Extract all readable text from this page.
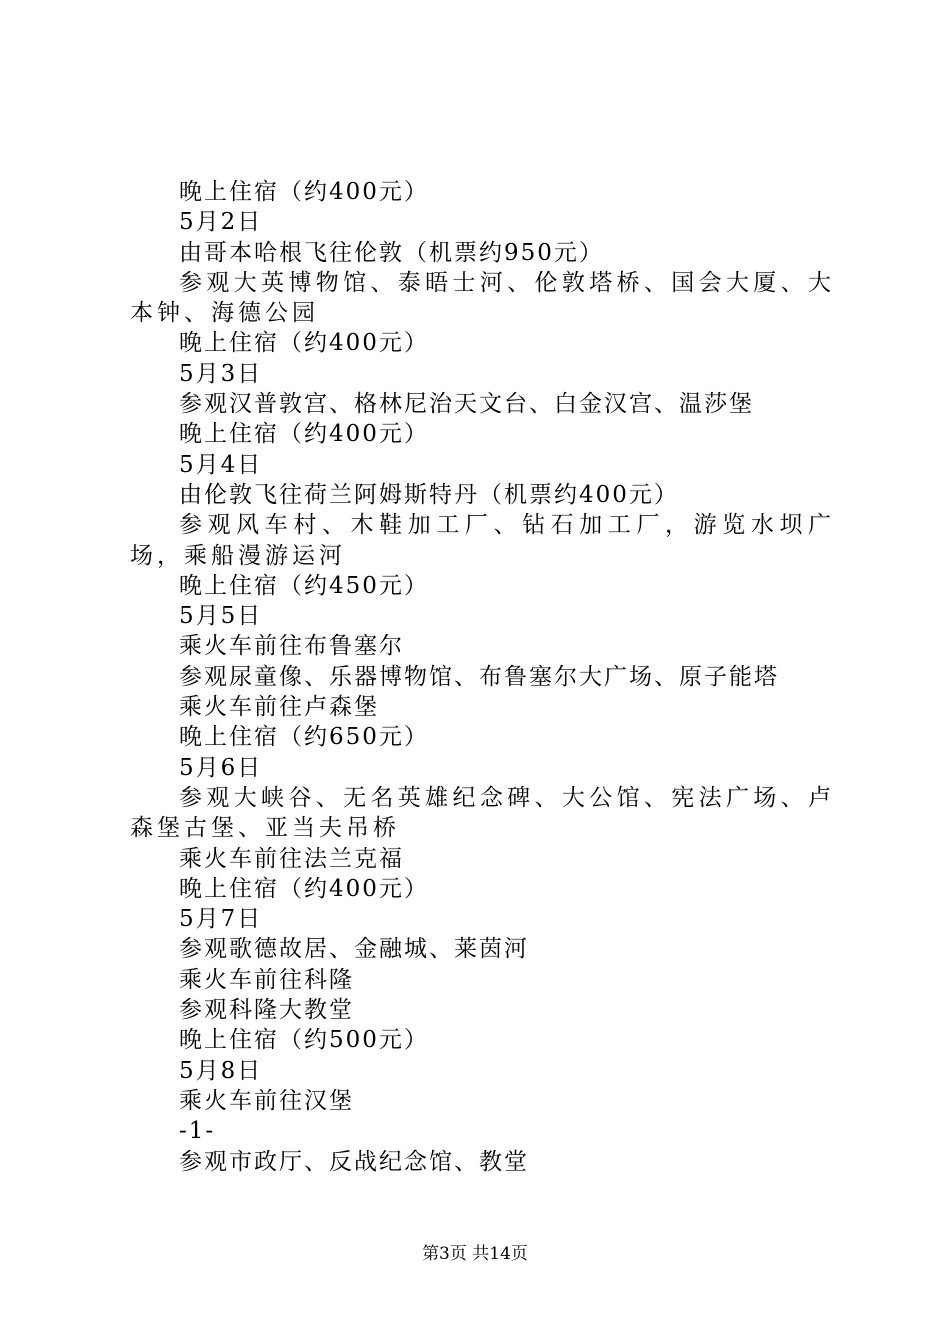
晚上住宿（约400元）
5月2日
由哥本哈根飞往伦敦（机票约950元）
参观大英博物馆、泰晤士河、伦敦塔桥、国会大厦、大本钟、海德公园
晚上住宿（约400元）
5月3日
参观汉普敦宫、格林尼治天文台、白金汉宫、温莎堡
晚上住宿（约400元）
5月4日
由伦敦飞往荷兰阿姆斯特丹（机票约400元）
参观风车村、木鞋加工厂、钻石加工厂，游览水坝广场，乘船漫游运河
晚上住宿（约450元）
5月5日
乘火车前往布鲁塞尔
参观尿童像、乐器博物馆、布鲁塞尔大广场、原子能塔
乘火车前往卢森堡
晚上住宿（约650元）
5月6日
参观大峡谷、无名英雄纪念碑、大公馆、宪法广场、卢森堡古堡、亚当夫吊桥
乘火车前往法兰克福
晚上住宿（约400元）
5月7日
参观歌德故居、金融城、莱茵河
乘火车前往科隆
参观科隆大教堂
晚上住宿（约500元）
5月8日
乘火车前往汉堡
-1-
参观市政厅、反战纪念馆、教堂
第3页 共14页
